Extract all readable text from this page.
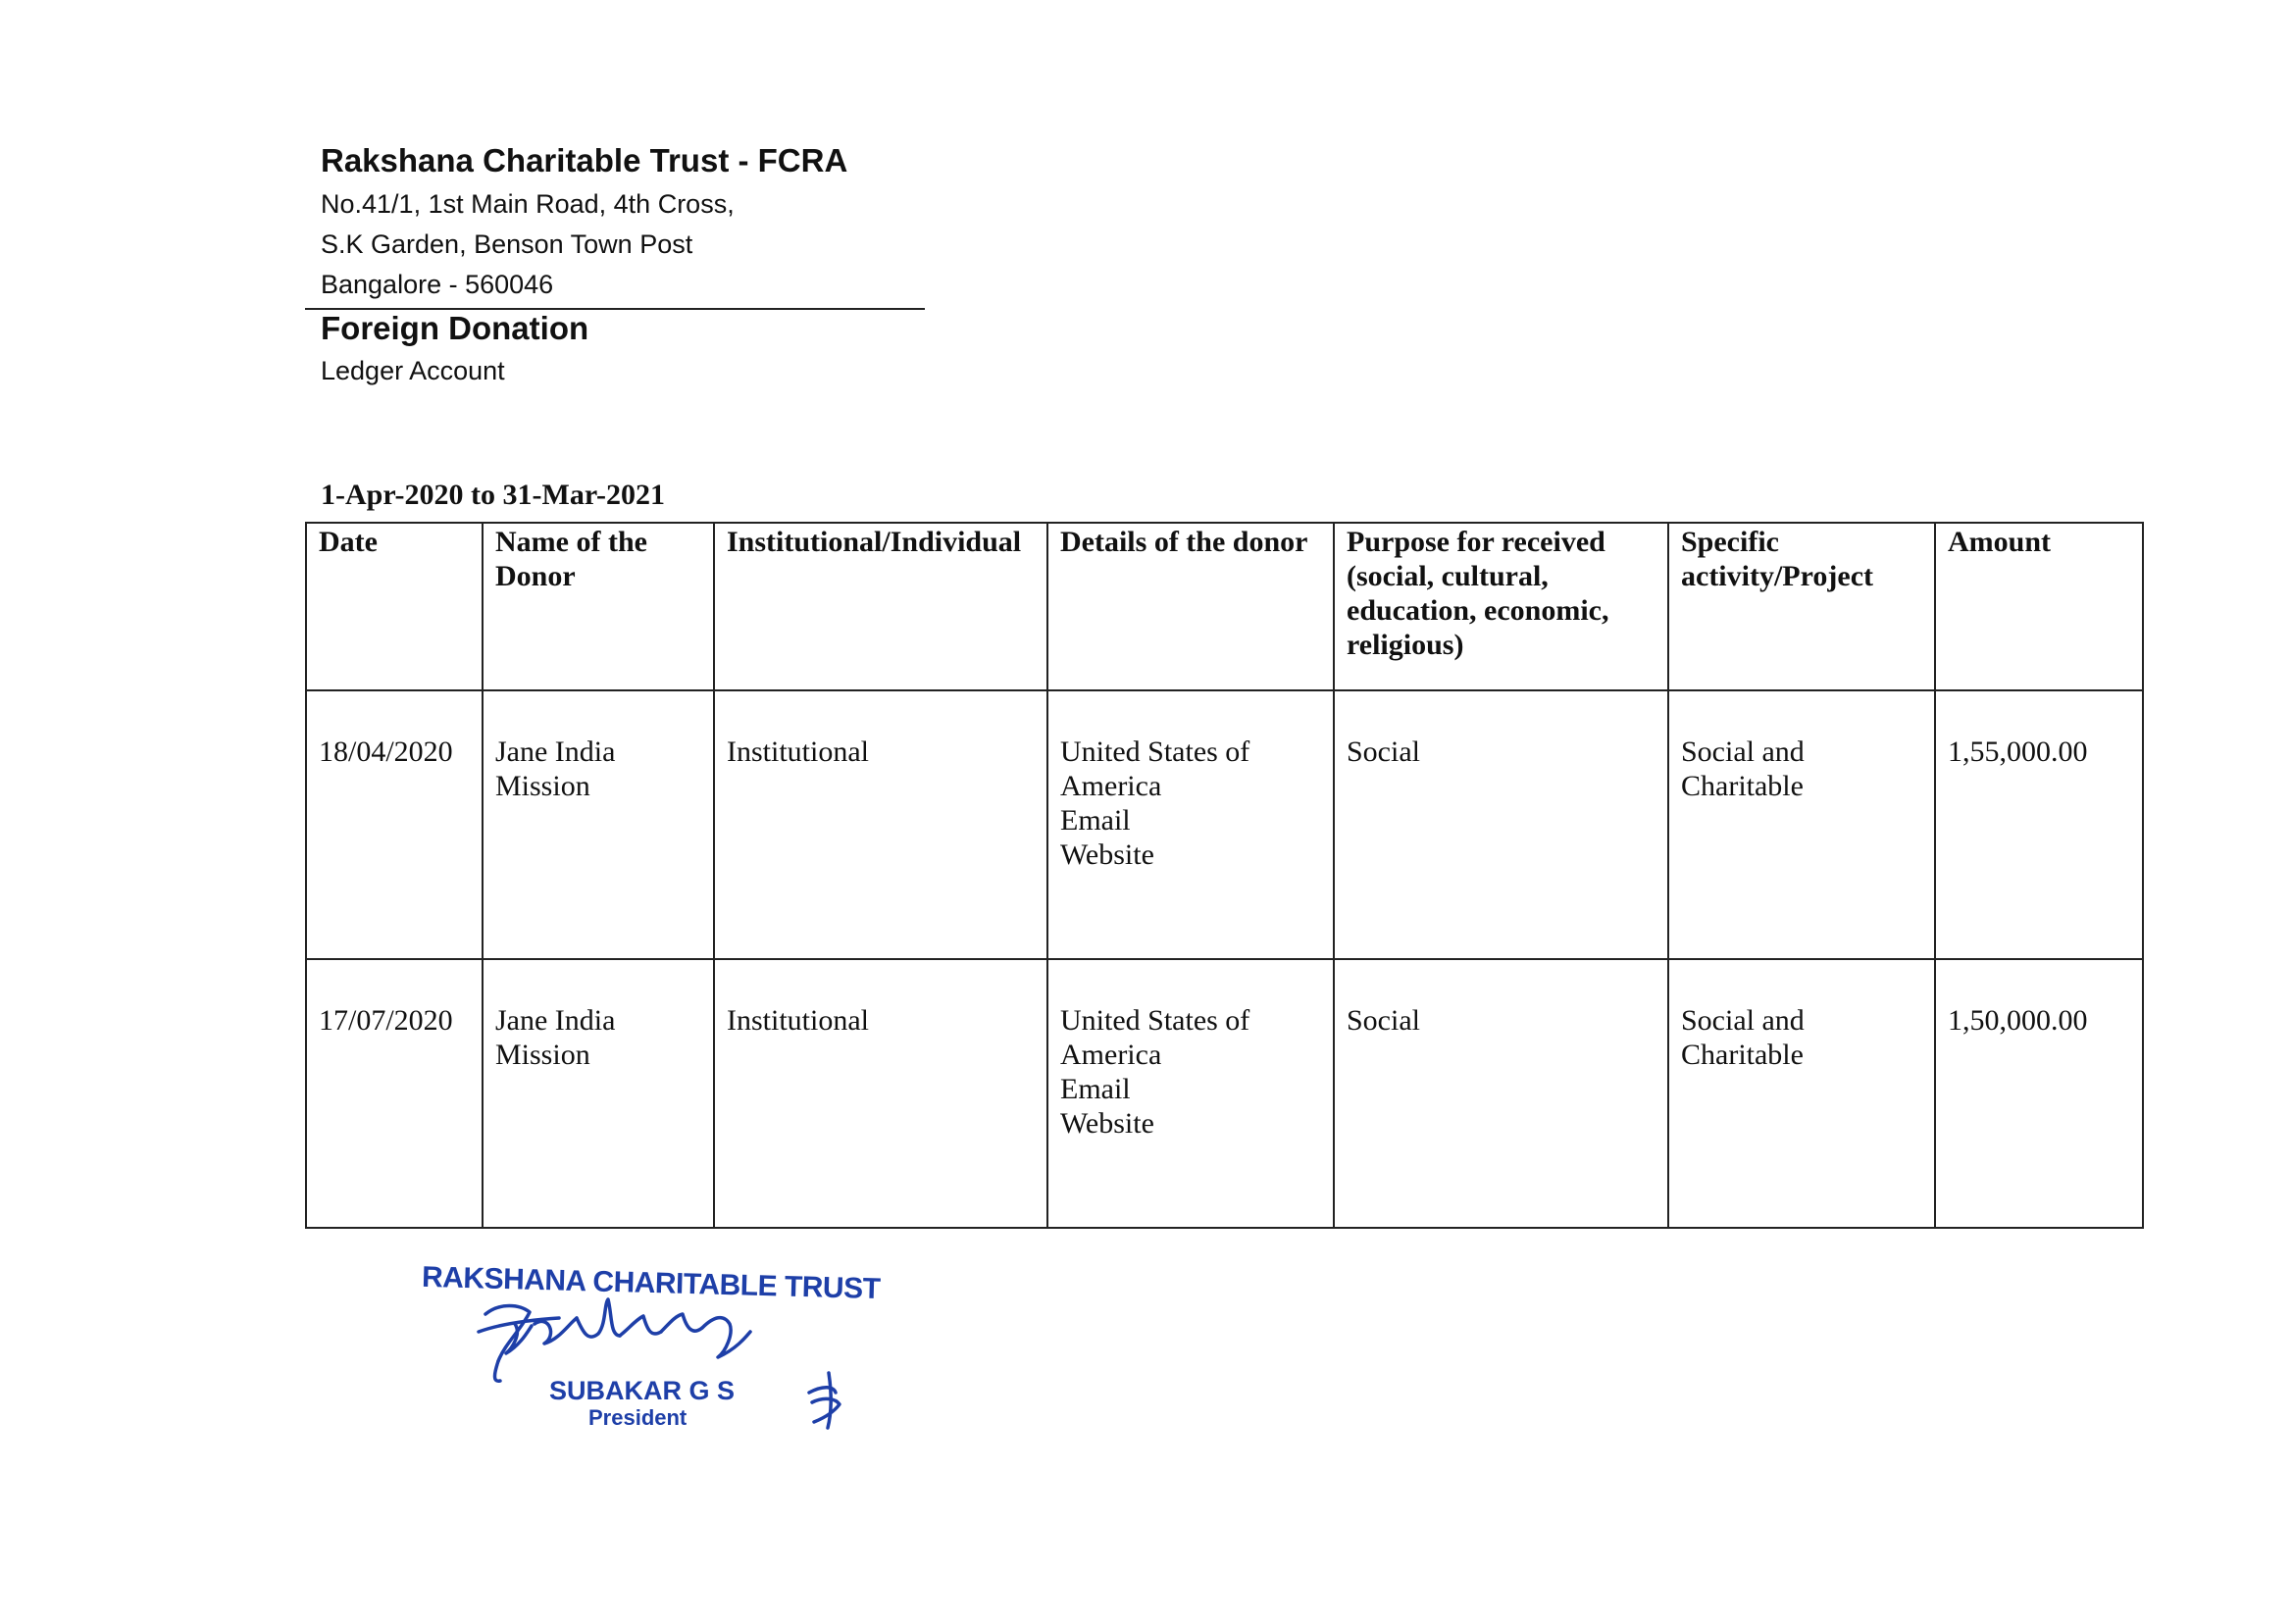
Rakshana Charitable Trust - FCRA
No.41/1, 1st Main Road, 4th Cross,
S.K Garden, Benson Town Post
Bangalore - 560046
Foreign Donation
Ledger Account
1-Apr-2020 to 31-Mar-2021
Date	Name of the Donor	Institutional/Individual	Details of the donor	Purpose for received (social, cultural, education, economic, religious)	Specific activity/Project	Amount
18/04/2020	Jane India Mission	Institutional	United States of America
Email
Website	Social	Social and Charitable	1,55,000.00
17/07/2020	Jane India Mission	Institutional	United States of America
Email
Website	Social	Social and Charitable	1,50,000.00
RAKSHANA CHARITABLE TRUST
SUBAKAR G S
President
